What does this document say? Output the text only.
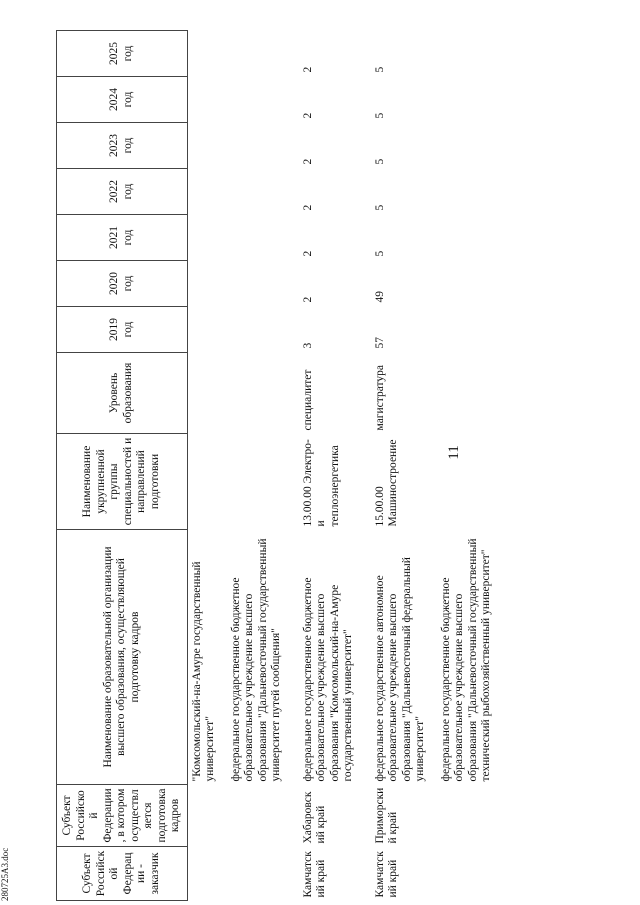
280725A3.doc
11
Субъект Российской Федерации - заказчик	Субъект Российской Федерации, в котором осуществляется подготовка кадров	Наименование образовательной организации высшего образования, осуществляющей подготовку кадров	Наименование укрупненной группы специальностей и направлений подготовки	Уровень образования	2019 год	2020 год	2021 год	2022 год	2023 год	2024 год	2025 год

		"Комсомольский-на-Амуре государственный университет" федеральное государственное бюджетное образовательное учреждение высшего образования "Дальневосточный государственный университет путей сообщения"									

Камчатский край	Хабаровский край	федеральное государственное бюджетное образовательное учреждение высшего образования "Комсомольский-на-Амуре государственный университет"	13.00.00 Электро- и теплоэнергетика	специалитет	3	2	2	2	2	2	2
Камчатский край	Приморский край	федеральное государственное автономное образовательное учреждение высшего образования "Дальневосточный федеральный университет" федеральное государственное бюджетное образовательное учреждение высшего образования "Дальневосточный государственный технический рыбохозяйственный университет"	15.00.00 Машиностроение	магистратура	57	49	5	5	5	5	5
